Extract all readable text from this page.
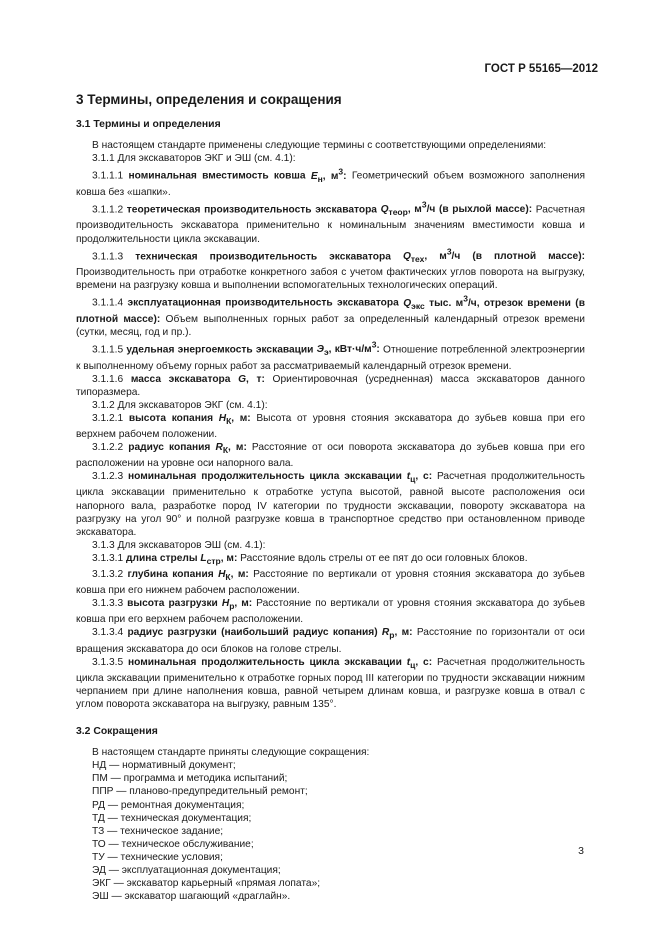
ГОСТ Р 55165—2012
3 Термины, определения и сокращения
3.1 Термины и определения

В настоящем стандарте применены следующие термины с соответствующими определениями:

3.1.1 Для экскаваторов ЭКГ и ЭШ (см. 4.1):

3.1.1.1 номинальная вместимость ковша $E_н$, $м^3$: Геометрический объем возможного заполнения ковша без «шапки».

3.1.1.2 теоретическая производительность экскаватора $Q_{теор}$, $м^3/ч$ (в рыхлой массе): Расчетная производительность экскаватора применительно к номинальным значениям вместимости ковша и продолжительности цикла экскавации.

3.1.1.3 техническая производительность экскаватора $Q_{тех}$, $м^3/ч$ (в плотной массе): Производительность при отработке конкретного забоя с учетом фактических углов поворота на выгрузку, времени на разгрузку ковша и выполнении вспомогательных технологических операций.

3.1.1.4 эксплуатационная производительность экскаватора $Q_{экс}$ тыс. $м^3/ч$, отрезок времени (в плотной массе): Объем выполненных горных работ за определенный календарный отрезок времени (сутки, месяц, год и пр.).

3.1.1.5 удельная энергоемкость экскавации $Э_э$, $кВт\cdot ч/м^3$: Отношение потребленной электроэнергии к выполненному объему горных работ за рассматриваемый календарный отрезок времени.

3.1.1.6 масса экскаватора G, т: Ориентировочная (усредненная) масса экскаваторов данного типоразмера.

3.1.2 Для экскаваторов ЭКГ (см. 4.1):

3.1.2.1 высота копания $H_К$, м: Высота от уровня стояния экскаватора до зубьев ковша при его верхнем рабочем положении.

3.1.2.2 радиус копания $R_К$, м: Расстояние от оси поворота экскаватора до зубьев ковша при его расположении на уровне оси напорного вала.

3.1.2.3 номинальная продолжительность цикла экскавации $t_ц$, с: Расчетная продолжительность цикла экскавации применительно к отработке уступа высотой, равной высоте расположения оси напорного вала, разработке пород IV категории по трудности экскавации, повороту экскаватора на разгрузку на угол 90° и полной разгрузке ковша в транспортное средство при остановленном приводе экскаватора.

3.1.3 Для экскаваторов ЭШ (см. 4.1):

3.1.3.1 длина стрелы $L_{стр}$, м: Расстояние вдоль стрелы от ее пят до оси головных блоков.

3.1.3.2 глубина копания $H_К$, м: Расстояние по вертикали от уровня стояния экскаватора до зубьев ковша при его нижнем рабочем расположении.

3.1.3.3 высота разгрузки $H_р$, м: Расстояние по вертикали от уровня стояния экскаватора до зубьев ковша при его верхнем рабочем расположении.

3.1.3.4 радиус разгрузки (наибольший радиус копания) $R_р$, м: Расстояние по горизонтали от оси вращения экскаватора до оси блоков на голове стрелы.

3.1.3.5 номинальная продолжительность цикла экскавации $t_ц$, с: Расчетная продолжительность цикла экскавации применительно к отработке горных пород III категории по трудности экскавации нижним черпанием при длине наполнения ковша, равной четырем длинам ковша, и разгрузке ковша в отвал с углом поворота экскаватора на выгрузку, равным 135°.

3.2 Сокращения

В настоящем стандарте приняты следующие сокращения:

НД — нормативный документ;

ПМ — программа и методика испытаний;

ППР — планово-предупредительный ремонт;

РД — ремонтная документация;

ТД — техническая документация;

ТЗ — техническое задание;

ТО — техническое обслуживание;

ТУ — технические условия;

ЭД — эксплуатационная документация;

ЭКГ — экскаватор карьерный «прямая лопата»;

ЭШ — экскаватор шагающий «драглайн».

3
